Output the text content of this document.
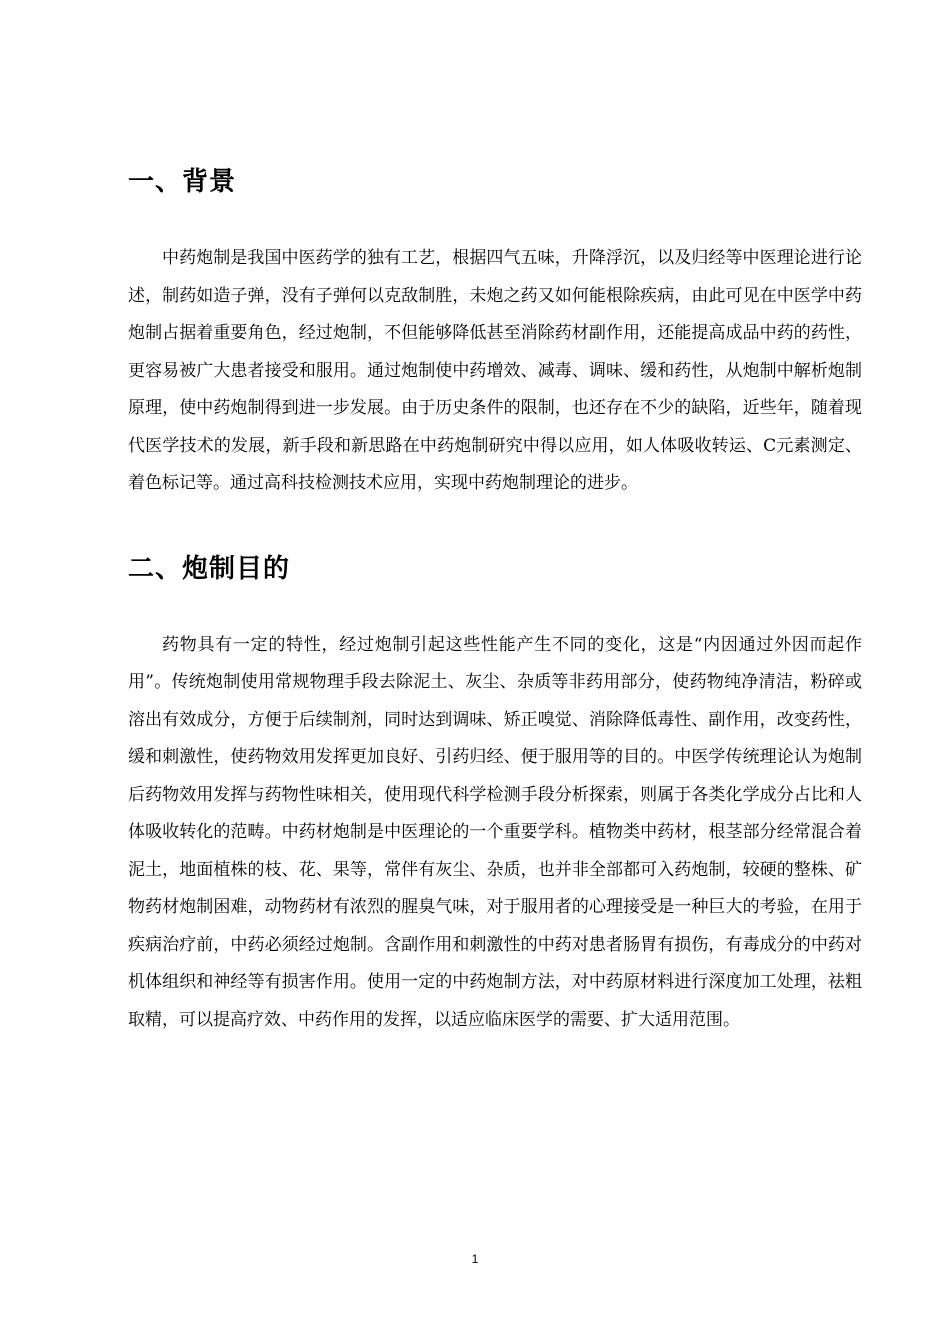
一、背景

中药炮制是我国中医药学的独有工艺，根据四气五味，升降浮沉，以及归经等中医理论进行论述，制药如造子弹，没有子弹何以克敌制胜，未炮之药又如何能根除疾病，由此可见在中医学中药炮制占据着重要角色，经过炮制，不但能够降低甚至消除药材副作用，还能提高成品中药的药性，更容易被广大患者接受和服用。通过炮制使中药增效、减毒、调味、缓和药性，从炮制中解析炮制原理，使中药炮制得到进一步发展。由于历史条件的限制，也还存在不少的缺陷，近些年，随着现代医学技术的发展，新手段和新思路在中药炮制研究中得以应用，如人体吸收转运、C元素测定、着色标记等。通过高科技检测技术应用，实现中药炮制理论的进步。

二、炮制目的

药物具有一定的特性，经过炮制引起这些性能产生不同的变化，这是“内因通过外因而起作用”。传统炮制使用常规物理手段去除泥土、灰尘、杂质等非药用部分，使药物纯净清洁，粉碎或溶出有效成分，方便于后续制剂，同时达到调味、矫正嗅觉、消除降低毒性、副作用，改变药性，缓和刺激性，使药物效用发挥更加良好、引药归经、便于服用等的目的。中医学传统理论认为炮制后药物效用发挥与药物性味相关，使用现代科学检测手段分析探索，则属于各类化学成分占比和人体吸收转化的范畴。中药材炮制是中医理论的一个重要学科。植物类中药材，根茎部分经常混合着泥土，地面植株的枝、花、果等，常伴有灰尘、杂质，也并非全部都可入药炮制，较硬的整株、矿物药材炮制困难，动物药材有浓烈的腥臭气味，对于服用者的心理接受是一种巨大的考验，在用于疾病治疗前，中药必须经过炮制。含副作用和刺激性的中药对患者肠胃有损伤，有毒成分的中药对机体组织和神经等有损害作用。使用一定的中药炮制方法，对中药原材料进行深度加工处理，祛粗取精，可以提高疗效、中药作用的发挥，以适应临床医学的需要、扩大适用范围。

1
